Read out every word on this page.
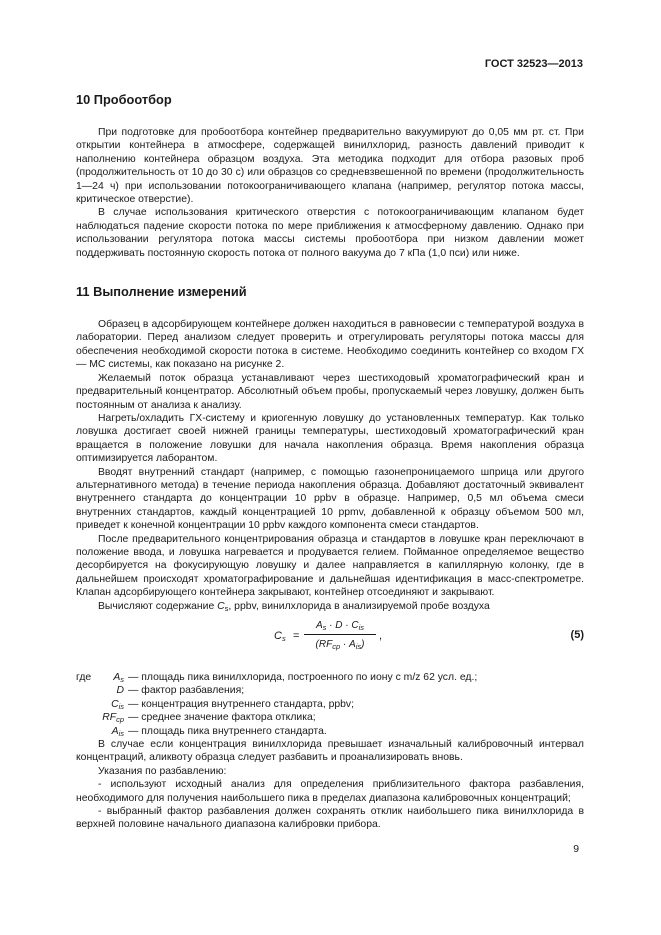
ГОСТ 32523—2013
10 Пробоотбор

При подготовке для пробоотбора контейнер предварительно вакуумируют до 0,05 мм рт. ст. При открытии контейнера в атмосфере, содержащей винилхлорид, разность давлений приводит к наполнению контейнера образцом воздуха. Эта методика подходит для отбора разовых проб (продолжительность от 10 до 30 с) или образцов со средневзвешенной по времени (продолжительность 1—24 ч) при использовании потокоограничивающего клапана (например, регулятор потока массы, критическое отверстие).

В случае использования критического отверстия с потокоограничивающим клапаном будет наблюдаться падение скорости потока по мере приближения к атмосферному давлению. Однако при использовании регулятора потока массы системы пробоотбора при низком давлении может поддерживать постоянную скорость потока от полного вакуума до 7 кПа (1,0 пси) или ниже.

11 Выполнение измерений

Образец в адсорбирующем контейнере должен находиться в равновесии с температурой воздуха в лаборатории. Перед анализом следует проверить и отрегулировать регуляторы потока массы для обеспечения необходимой скорости потока в системе. Необходимо соединить контейнер со входом ГХ — МС системы, как показано на рисунке 2.

Желаемый поток образца устанавливают через шестиходовый хроматографический кран и предварительный концентратор. Абсолютный объем пробы, пропускаемый через ловушку, должен быть постоянным от анализа к анализу.

Нагреть/охладить ГХ-систему и криогенную ловушку до установленных температур. Как только ловушка достигает своей нижней границы температуры, шестиходовый хроматографический кран вращается в положение ловушки для начала накопления образца. Время накопления образца оптимизируется лаборантом.

Вводят внутренний стандарт (например, с помощью газонепроницаемого шприца или другого альтернативного метода) в течение периода накопления образца. Добавляют достаточный эквивалент внутреннего стандарта до концентрации 10 ppbv в образце. Например, 0,5 мл объема смеси внутренних стандартов, каждый концентрацией 10 ppmv, добавленной к образцу объемом 500 мл, приведет к конечной концентрации 10 ppbv каждого компонента смеси стандартов.

После предварительного концентрирования образца и стандартов в ловушке кран переключают в положение ввода, и ловушка нагревается и продувается гелием. Пойманное определяемое вещество десорбируется на фокусирующую ловушку и далее направляется в капиллярную колонку, где в дальнейшем происходят хроматографирование и дальнейшая идентификация в масс-спектрометре. Клапан адсорбирующего контейнера закрывают, контейнер отсоединяют и закрывают.

Вычисляют содержание $C_s$, ppbv, винилхлорида в анализируемой пробе воздуха

$C_s$ =
$A_s \cdot D \cdot C_{is}$
$(RF_{ср} \cdot A_{is})$
,	(5)
где	$A_s$	— площадь пика винилхлорида, построенного по иону с m/z 62 усл. ед.;
	D	— фактор разбавления;
	$C_{is}$	— концентрация внутреннего стандарта, ppbv;
	$RF_{ср}$	— среднее значение фактора отклика;
	$A_{is}$	— площадь пика внутреннего стандарта.

В случае если концентрация винилхлорида превышает изначальный калибровочный интервал концентраций, аликвоту образца следует разбавить и проанализировать вновь.

Указания по разбавлению:

- используют исходный анализ для определения приблизительного фактора разбавления, необходимого для получения наибольшего пика в пределах диапазона калибровочных концентраций;

- выбранный фактор разбавления должен сохранять отклик наибольшего пика винилхлорида в верхней половине начального диапазона калибровки прибора.

9
